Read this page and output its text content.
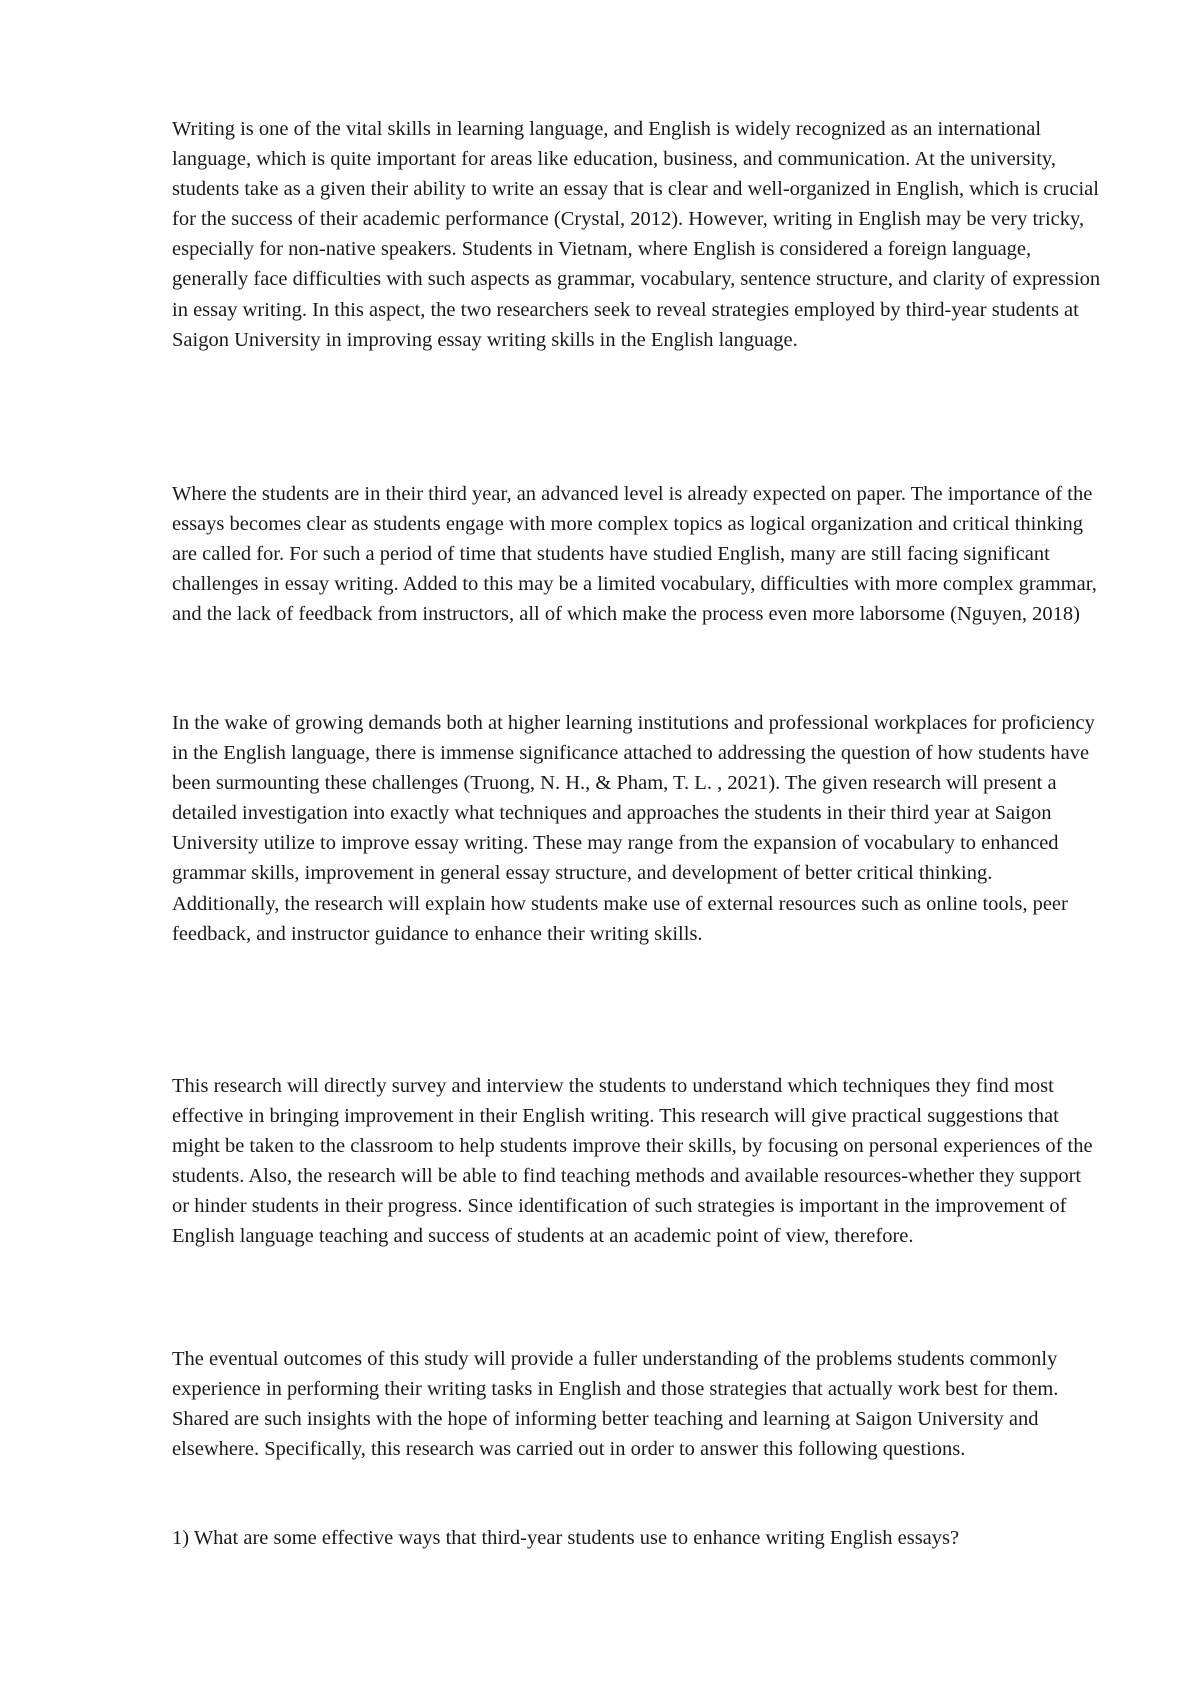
Writing is one of the vital skills in learning language, and English is widely recognized as an international language, which is quite important for areas like education, business, and communication. At the university, students take as a given their ability to write an essay that is clear and well-organized in English, which is crucial for the success of their academic performance (Crystal, 2012). However, writing in English may be very tricky, especially for non-native speakers. Students in Vietnam, where English is considered a foreign language, generally face difficulties with such aspects as grammar, vocabulary, sentence structure, and clarity of expression in essay writing. In this aspect, the two researchers seek to reveal strategies employed by third-year students at Saigon University in improving essay writing skills in the English language.

Where the students are in their third year, an advanced level is already expected on paper. The importance of the essays becomes clear as students engage with more complex topics as logical organization and critical thinking are called for. For such a period of time that students have studied English, many are still facing significant challenges in essay writing. Added to this may be a limited vocabulary, difficulties with more complex grammar, and the lack of feedback from instructors, all of which make the process even more laborsome (Nguyen, 2018)

In the wake of growing demands both at higher learning institutions and professional workplaces for proficiency in the English language, there is immense significance attached to addressing the question of how students have been surmounting these challenges (Truong, N. H., & Pham, T. L. , 2021). The given research will present a detailed investigation into exactly what techniques and approaches the students in their third year at Saigon University utilize to improve essay writing. These may range from the expansion of vocabulary to enhanced grammar skills, improvement in general essay structure, and development of better critical thinking. Additionally, the research will explain how students make use of external resources such as online tools, peer feedback, and instructor guidance to enhance their writing skills.

This research will directly survey and interview the students to understand which techniques they find most effective in bringing improvement in their English writing. This research will give practical suggestions that might be taken to the classroom to help students improve their skills, by focusing on personal experiences of the students. Also, the research will be able to find teaching methods and available resources-whether they support or hinder students in their progress. Since identification of such strategies is important in the improvement of English language teaching and success of students at an academic point of view, therefore.

The eventual outcomes of this study will provide a fuller understanding of the problems students commonly experience in performing their writing tasks in English and those strategies that actually work best for them. Shared are such insights with the hope of informing better teaching and learning at Saigon University and elsewhere. Specifically, this research was carried out in order to answer this following questions.

1) What are some effective ways that third-year students use to enhance writing English essays?
